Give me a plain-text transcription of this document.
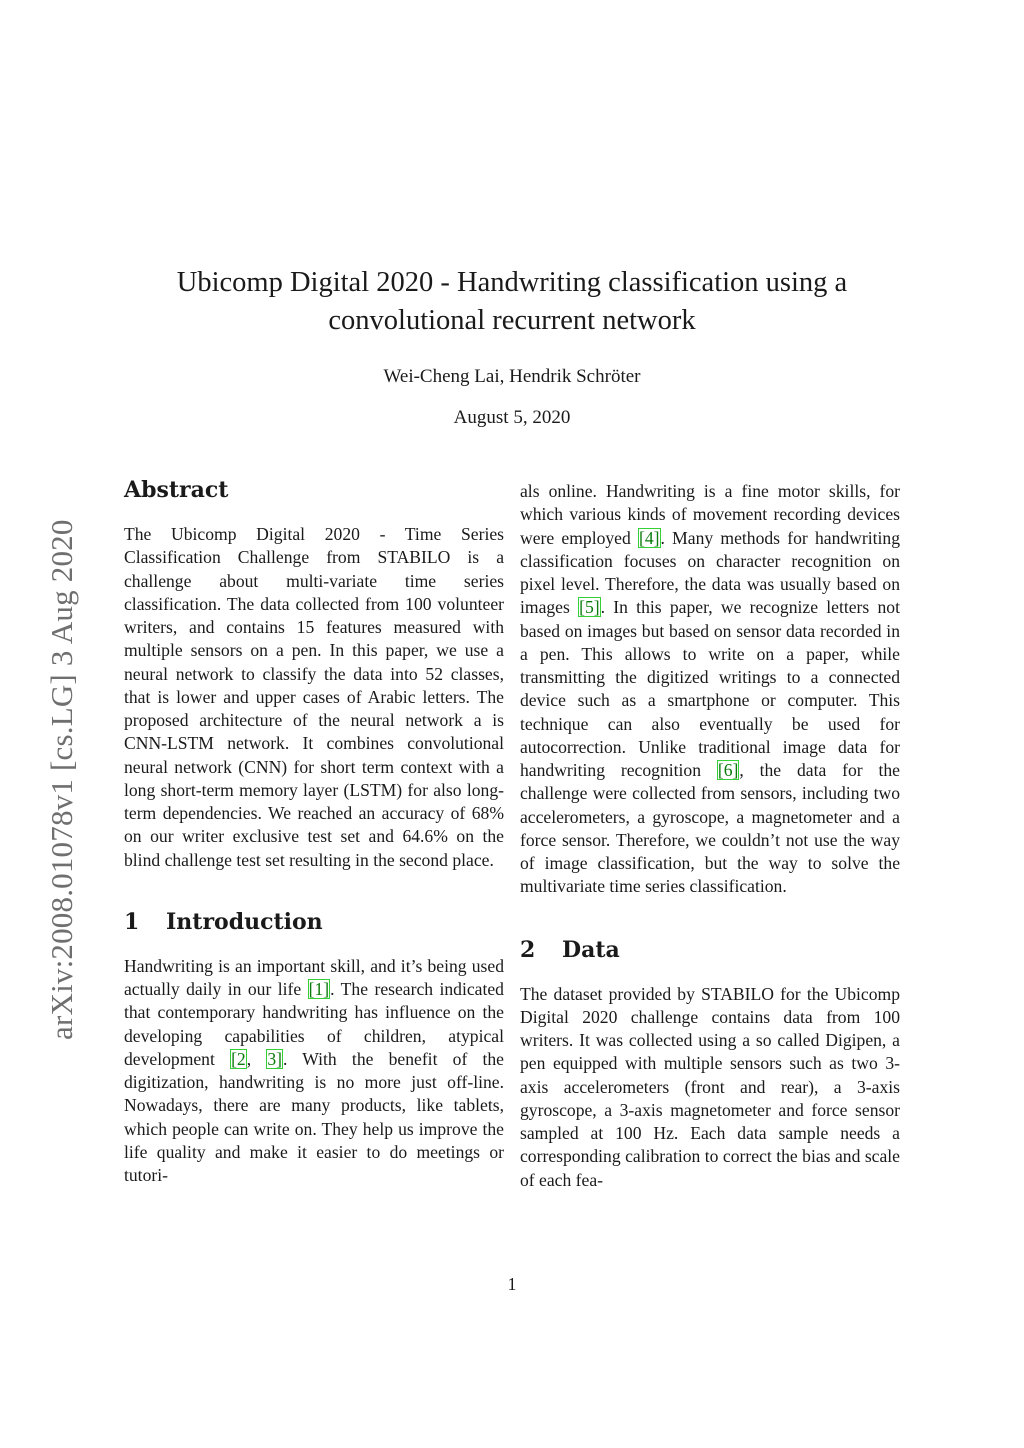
arXiv:2008.01078v1 [cs.LG] 3 Aug 2020
Ubicomp Digital 2020 - Handwriting classification using a convolutional recurrent network
Wei-Cheng Lai, Hendrik Schröter
August 5, 2020
Abstract

The Ubicomp Digital 2020 - Time Series Classification Challenge from STABILO is a challenge about multi-variate time series classification. The data collected from 100 volunteer writers, and contains 15 features measured with multiple sensors on a pen. In this paper, we use a neural network to classify the data into 52 classes, that is lower and upper cases of Arabic letters. The proposed architecture of the neural network a is CNN-LSTM network. It combines convolutional neural network (CNN) for short term context with a long short-term memory layer (LSTM) for also long-term dependencies. We reached an accuracy of 68% on our writer exclusive test set and 64.6% on the blind challenge test set resulting in the second place.

1 Introduction

Handwriting is an important skill, and it’s being used actually daily in our life [1]. The research indicated that contemporary handwriting has influence on the developing capabilities of children, atypical development [2, 3]. With the benefit of the digitization, handwriting is no more just off-line. Nowadays, there are many products, like tablets, which people can write on. They help us improve the life quality and make it easier to do meetings or tutori-

als online. Handwriting is a fine motor skills, for which various kinds of movement recording devices were employed [4]. Many methods for handwriting classification focuses on character recognition on pixel level. Therefore, the data was usually based on images [5]. In this paper, we recognize letters not based on images but based on sensor data recorded in a pen. This allows to write on a paper, while transmitting the digitized writings to a connected device such as a smartphone or computer. This technique can also eventually be used for autocorrection. Unlike traditional image data for handwriting recognition [6], the data for the challenge were collected from sensors, including two accelerometers, a gyroscope, a magnetometer and a force sensor. Therefore, we couldn’t not use the way of image classification, but the way to solve the multivariate time series classification.

2 Data

The dataset provided by STABILO for the Ubicomp Digital 2020 challenge contains data from 100 writers. It was collected using a so called Digipen, a pen equipped with multiple sensors such as two 3-axis accelerometers (front and rear), a 3-axis gyroscope, a 3-axis magnetometer and force sensor sampled at 100 Hz. Each data sample needs a corresponding calibration to correct the bias and scale of each fea-

1
